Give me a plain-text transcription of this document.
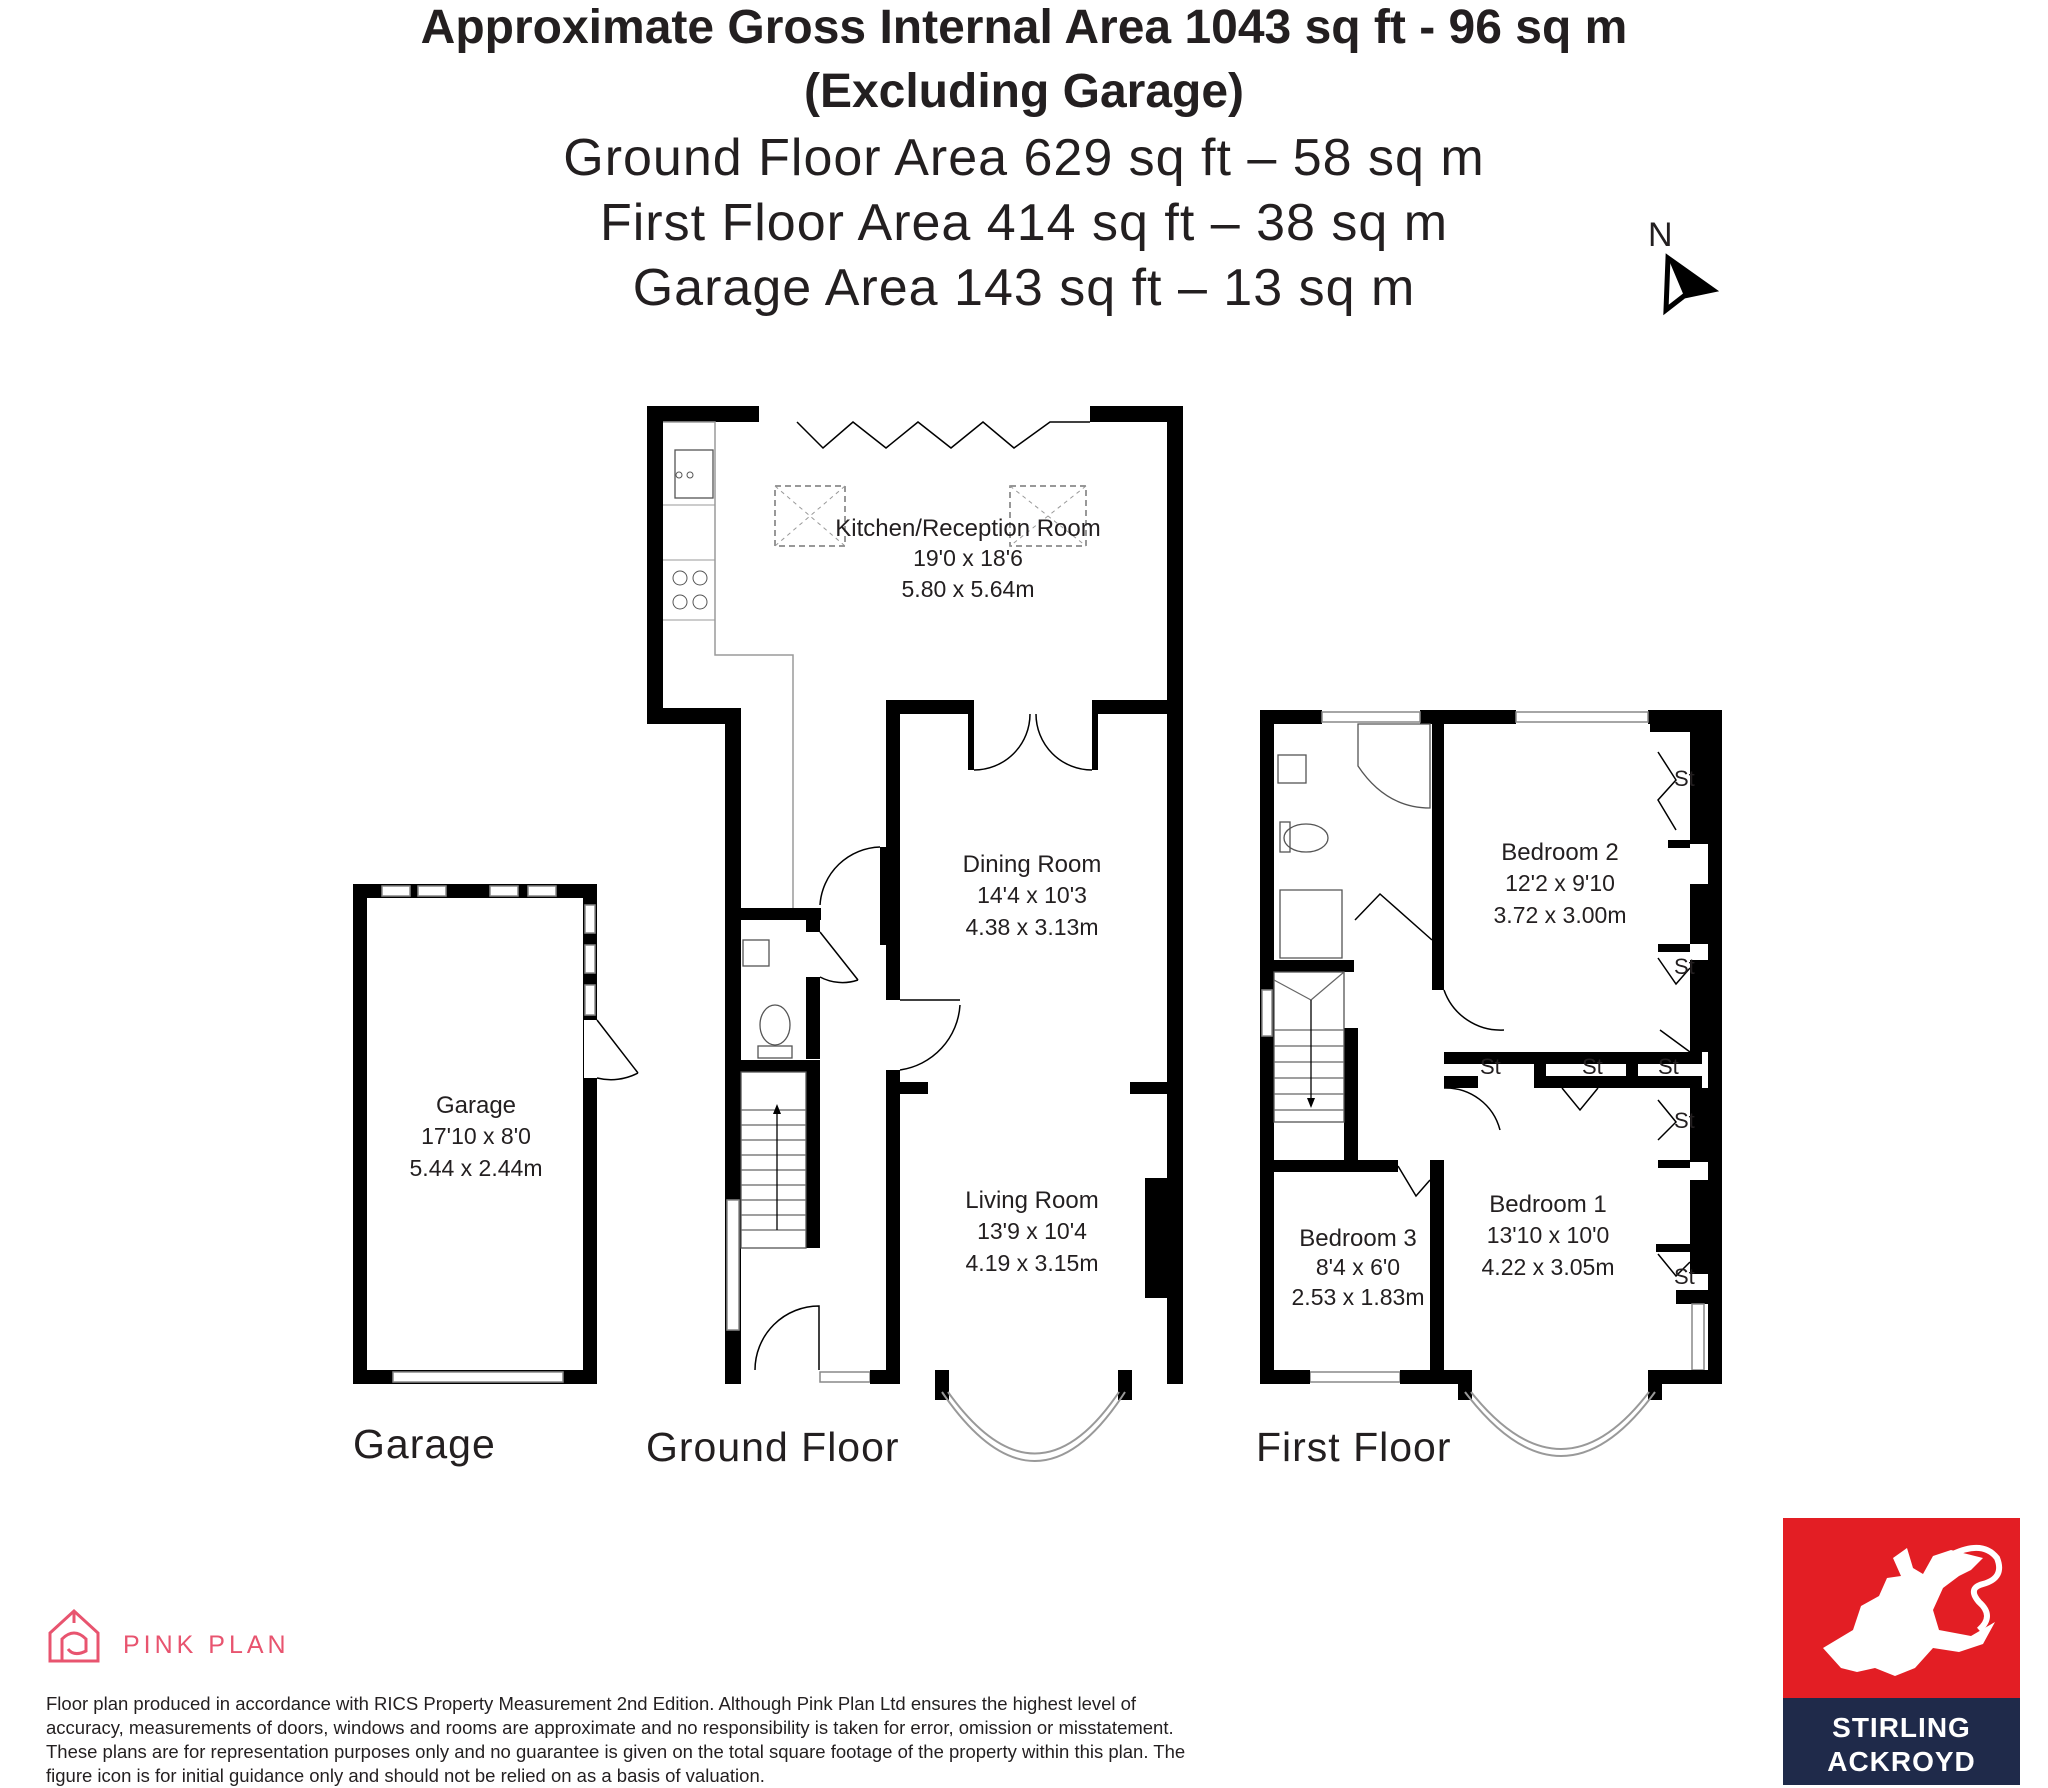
Approximate Gross Internal Area 1043 sq ft - 96 sq m
(Excluding Garage)
Ground Floor Area 629 sq ft – 58 sq m
First Floor Area 414 sq ft – 38 sq m
Garage Area 143 sq ft – 13 sq m
N
Kitchen/Reception Room
19'0 x 18'6
5.80 x 5.64m
Dining Room
14'4 x 10'3
4.38 x 3.13m
Living Room
13'9 x 10'4
4.19 x 3.15m
Garage
17'10 x 8'0
5.44 x 2.44m
Bedroom 2
12'2 x 9'10
3.72 x 3.00m
Bedroom 1
13'10 x 10'0
4.22 x 3.05m
Bedroom 3
8'4 x 6'0
2.53 x 1.83m
St
St
St	St	St
St
St
Garage	Ground Floor	First Floor
PINK PLAN
Floor plan produced in accordance with RICS Property Measurement 2nd Edition. Although Pink Plan Ltd ensures the highest level of accuracy, measurements of doors, windows and rooms are approximate and no responsibility is taken for error, omission or misstatement. These plans are for representation purposes only and no guarantee is given on the total square footage of the property within this plan. The figure icon is for initial guidance only and should not be relied on as a basis of valuation.
STIRLING
ACKROYD
